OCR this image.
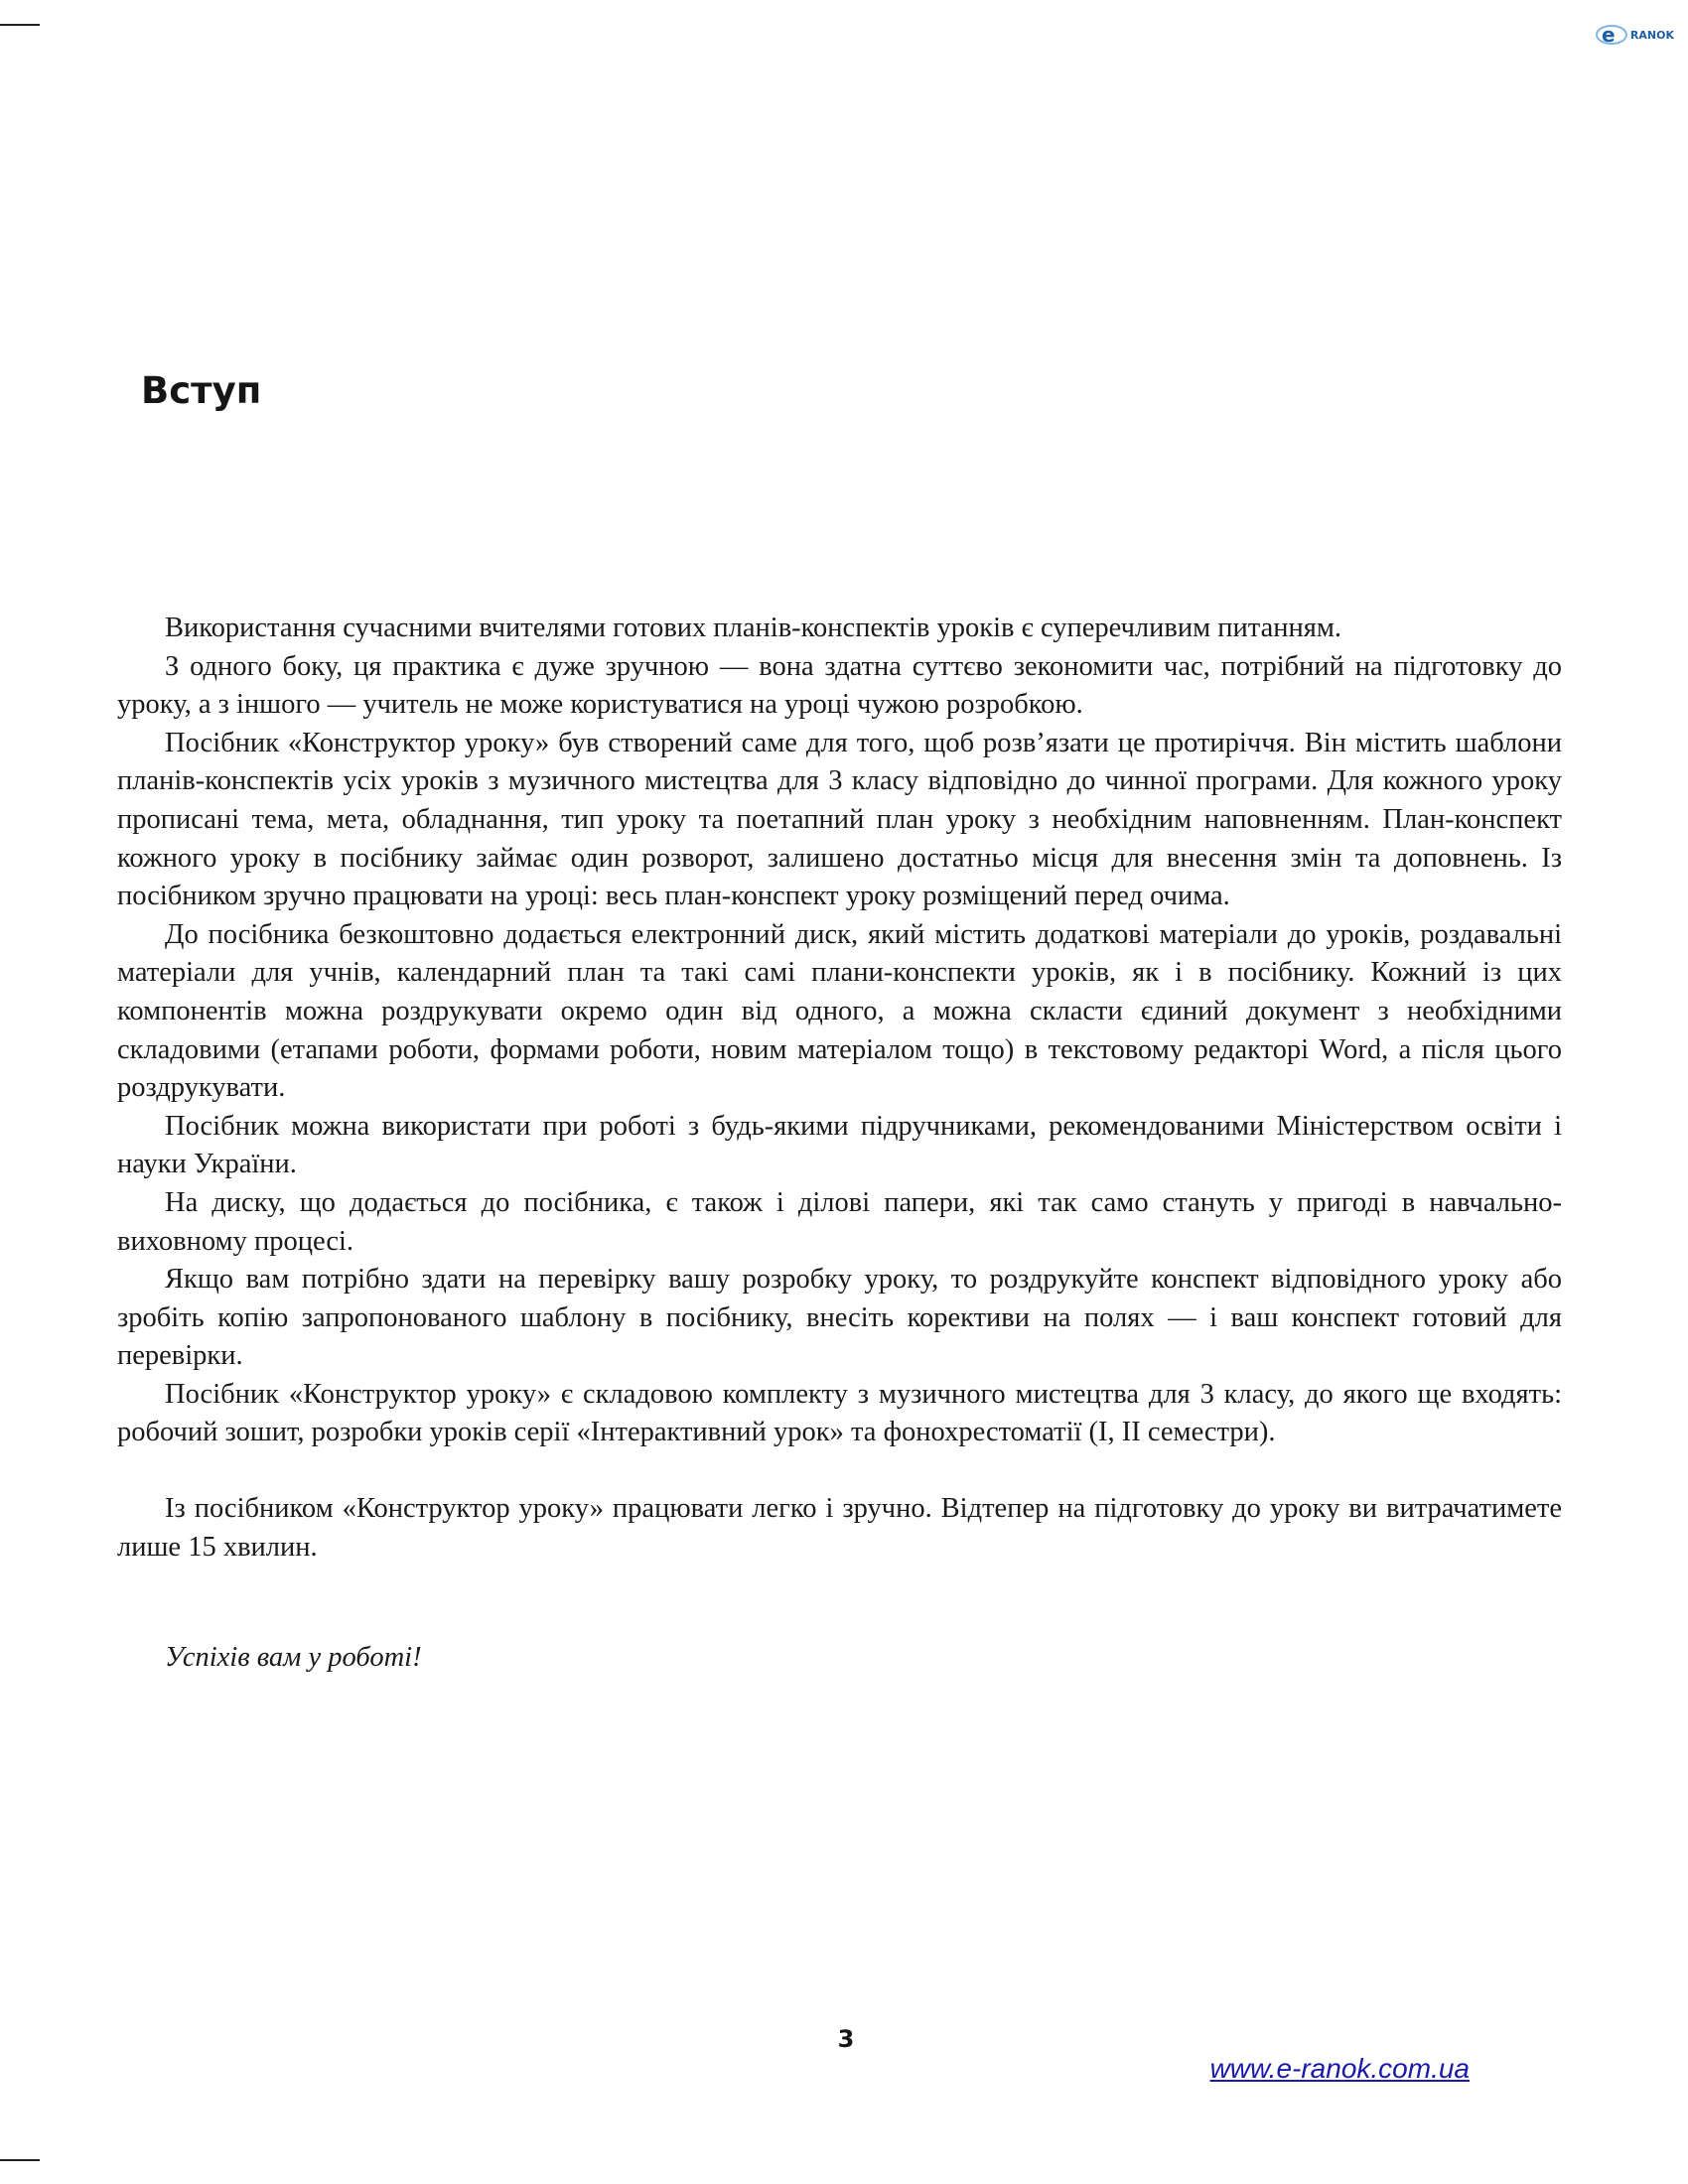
e RANOK
Вступ

Використання сучасними вчителями готових планів-конспектів уроків є суперечливим питанням.

З одного боку, ця практика є дуже зручною — вона здатна суттєво зекономити час, потрібний на підготовку до уроку, а з іншого — учитель не може користуватися на уроці чужою розробкою.

Посібник «Конструктор уроку» був створений саме для того, щоб розв’язати це протиріччя. Він містить шаблони планів-конспектів усіх уроків з музичного мистецтва для 3 класу відповідно до чинної програми. Для кожного уроку прописані тема, мета, обладнання, тип уроку та поетапний план уроку з необхідним наповненням. План-конспект кожного уроку в посібнику займає один розворот, залишено достатньо місця для внесення змін та доповнень. Із посібником зручно працювати на уроці: весь план-конспект уроку розміщений перед очима.

До посібника безкоштовно додається електронний диск, який містить додаткові матеріали до уроків, роздавальні матеріали для учнів, календарний план та такі самі плани-конспекти уроків, як і в посібнику. Кожний із цих компонентів можна роздрукувати окремо один від одного, а можна скласти єдиний документ з необхідними складовими (етапами роботи, формами роботи, новим матеріалом тощо) в текстовому редакторі Word, а після цього роздрукувати.

Посібник можна використати при роботі з будь-якими підручниками, рекомендованими Міністерством освіти і науки України.

На диску, що додається до посібника, є також і ділові папери, які так само стануть у пригоді в навчально-виховному процесі.

Якщо вам потрібно здати на перевірку вашу розробку уроку, то роздрукуйте конспект відповідного уроку або зробіть копію запропонованого шаблону в посібнику, внесіть корективи на полях — і ваш конспект готовий для перевірки.

Посібник «Конструктор уроку» є складовою комплекту з музичного мистецтва для 3 класу, до якого ще входять: робочий зошит, розробки уроків серії «Інтерактивний урок» та фонохрестоматії (І, ІІ семестри).

Із посібником «Конструктор уроку» працювати легко і зручно. Відтепер на підготовку до уроку ви витрачатимете лише 15 хвилин.

Успіхів вам у роботі!

3
www.e-ranok.com.ua
